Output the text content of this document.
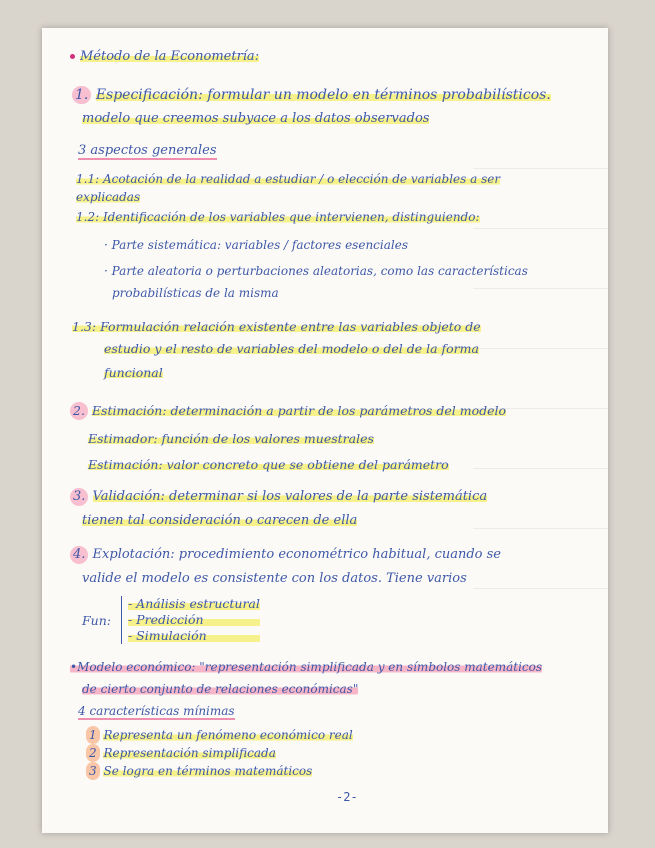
Método de la Econometría:
1. Especificación: formular un modelo en términos probabilísticos.
modelo que creemos subyace a los datos observados
3 aspectos generales
1.1: Acotación de la realidad a estudiar / o elección de variables a ser
explicadas
1.2: Identificación de los variables que intervienen, distinguiendo:
· Parte sistemática: variables / factores esenciales
· Parte aleatoria o perturbaciones aleatorias, como las características
probabilísticas de la misma
1.3: Formulación relación existente entre las variables objeto de
estudio y el resto de variables del modelo o del de la forma
funcional
2. Estimación: determinación a partir de los parámetros del modelo
Estimador: función de los valores muestrales
Estimación: valor concreto que se obtiene del parámetro
3. Validación: determinar si los valores de la parte sistemática
tienen tal consideración o carecen de ella
4. Explotación: procedimiento econométrico habitual, cuando se
valide el modelo es consistente con los datos. Tiene varios
Fun:
- Análisis estructural
- Predicción
- Simulación
•Modelo económico: "representación simplificada y en símbolos matemáticos
de cierto conjunto de relaciones económicas"
4 características mínimas
1 Representa un fenómeno económico real
2 Representación simplificada
3 Se logra en términos matemáticos
-2-
